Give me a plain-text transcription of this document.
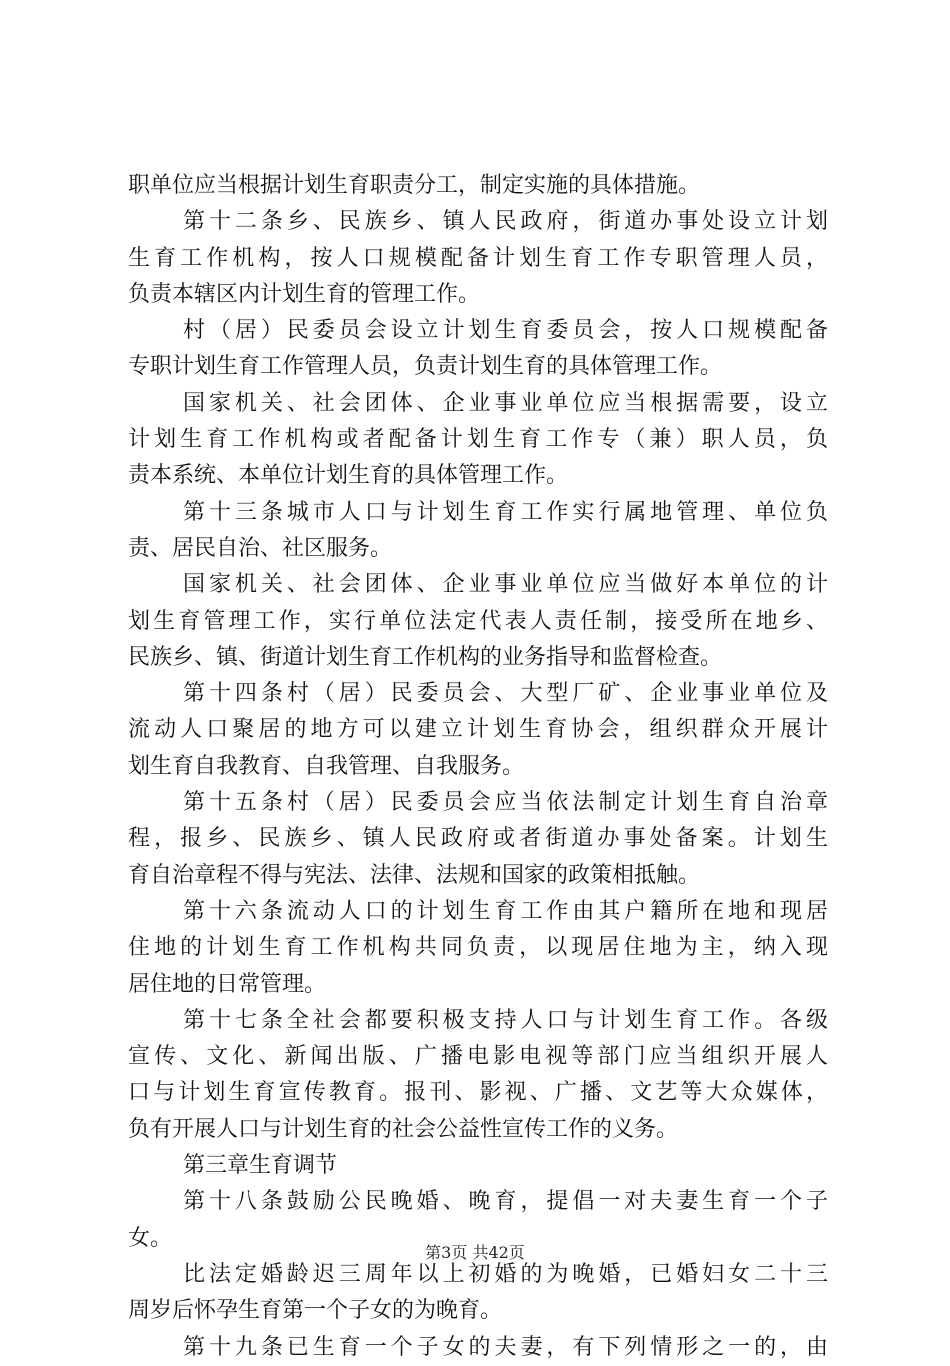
职单位应当根据计划生育职责分工，制定实施的具体措施。
第十二条乡、民族乡、镇人民政府，街道办事处设立计划
生育工作机构，按人口规模配备计划生育工作专职管理人员，
负责本辖区内计划生育的管理工作。
村（居）民委员会设立计划生育委员会，按人口规模配备
专职计划生育工作管理人员，负责计划生育的具体管理工作。
国家机关、社会团体、企业事业单位应当根据需要，设立
计划生育工作机构或者配备计划生育工作专（兼）职人员，负
责本系统、本单位计划生育的具体管理工作。
第十三条城市人口与计划生育工作实行属地管理、单位负
责、居民自治、社区服务。
国家机关、社会团体、企业事业单位应当做好本单位的计
划生育管理工作，实行单位法定代表人责任制，接受所在地乡、
民族乡、镇、街道计划生育工作机构的业务指导和监督检查。
第十四条村（居）民委员会、大型厂矿、企业事业单位及
流动人口聚居的地方可以建立计划生育协会，组织群众开展计
划生育自我教育、自我管理、自我服务。
第十五条村（居）民委员会应当依法制定计划生育自治章
程，报乡、民族乡、镇人民政府或者街道办事处备案。计划生
育自治章程不得与宪法、法律、法规和国家的政策相抵触。
第十六条流动人口的计划生育工作由其户籍所在地和现居
住地的计划生育工作机构共同负责，以现居住地为主，纳入现
居住地的日常管理。
第十七条全社会都要积极支持人口与计划生育工作。各级
宣传、文化、新闻出版、广播电影电视等部门应当组织开展人
口与计划生育宣传教育。报刊、影视、广播、文艺等大众媒体，
负有开展人口与计划生育的社会公益性宣传工作的义务。
第三章生育调节
第十八条鼓励公民晚婚、晚育，提倡一对夫妻生育一个子
女。
比法定婚龄迟三周年以上初婚的为晚婚，已婚妇女二十三
周岁后怀孕生育第一个子女的为晚育。
第十九条已生育一个子女的夫妻，有下列情形之一的，由
第3页 共42页
